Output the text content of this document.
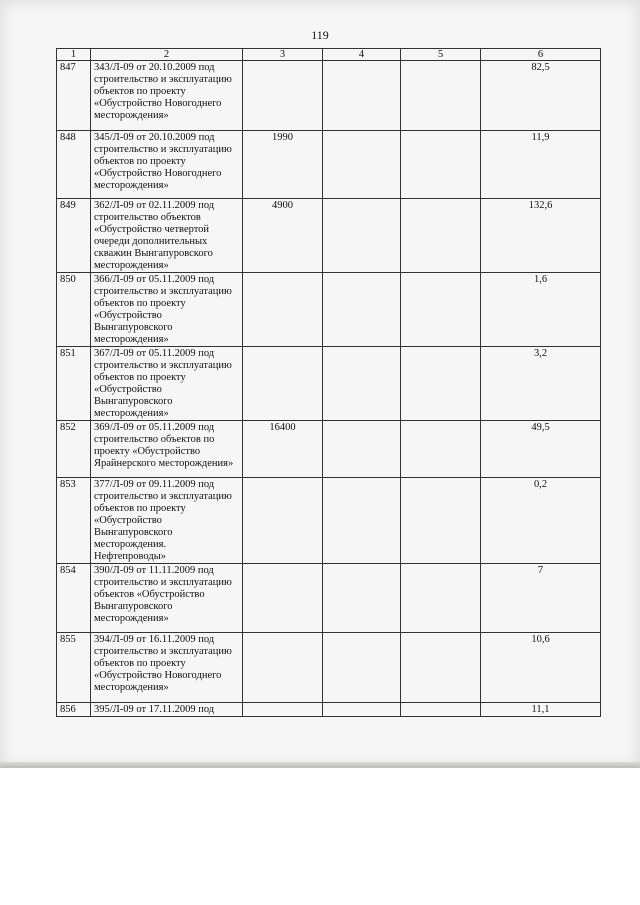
119
1	2	3	4	5	6
847	343/Л-09 от 20.10.2009 под строительство и эксплуатацию объектов по проекту «Обустройство Новогоднего месторождения»				82,5
848	345/Л-09 от 20.10.2009 под строительство и эксплуатацию объектов по проекту «Обустройство Новогоднего месторождения»	1990			11,9
849	362/Л-09 от 02.11.2009 под строительство объектов «Обустройство четвертой очереди дополнительных скважин Вынгапуровского месторождения»	4900			132,6
850	366/Л-09 от 05.11.2009 под строительство и эксплуатацию объектов по проекту «Обустройство Вынгапуровского месторождения»				1,6
851	367/Л-09 от 05.11.2009 под строительство и эксплуатацию объектов по проекту «Обустройство Вынгапуровского месторождения»				3,2
852	369/Л-09 от 05.11.2009 под строительство объектов по проекту «Обустройство Ярайнерского месторождения»	16400			49,5
853	377/Л-09 от 09.11.2009 под строительство и эксплуатацию объектов по проекту «Обустройство Вынгапуровского месторождения. Нефтепроводы»				0,2
854	390/Л-09 от 11.11.2009 под строительство и эксплуатацию объектов «Обустройство Вынгапуровского месторождения»				7
855	394/Л-09 от 16.11.2009 под строительство и эксплуатацию объектов по проекту «Обустройство Новогоднего месторождения»				10,6
856	395/Л-09 от 17.11.2009 под				11,1
